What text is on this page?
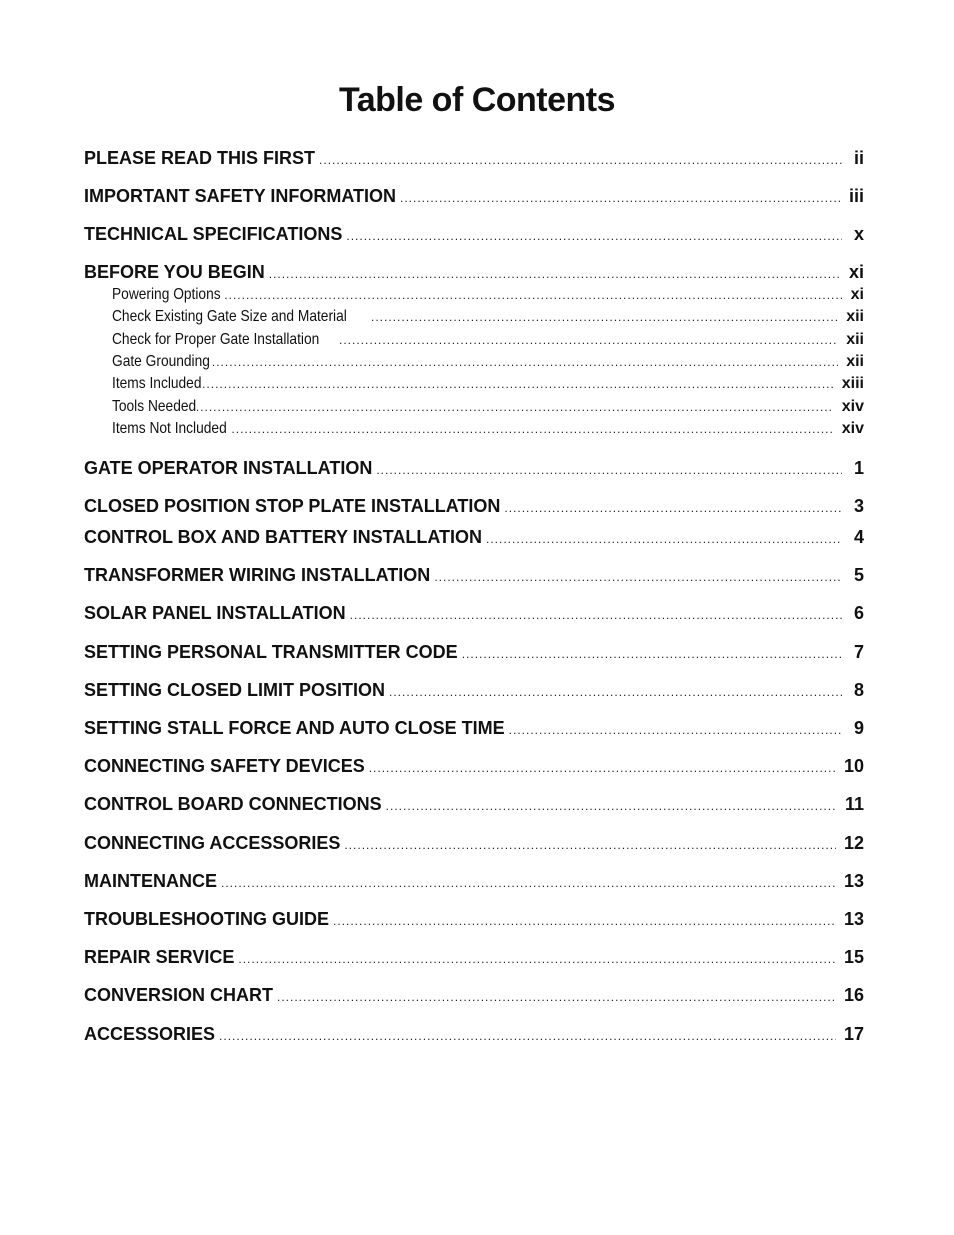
Table of Contents
PLEASE READ THIS FIRST .....	ii
IMPORTANT SAFETY INFORMATION .....	iii
TECHNICAL SPECIFICATIONS .....	x
BEFORE YOU BEGIN .....	xi
Powering Options .....	xi
Check Existing Gate Size and Material .....	xii
Check for Proper Gate Installation .....	xii
Gate Grounding .....	xii
Items Included .....	xiii
Tools Needed .....	xiv
Items Not Included .....	xiv
GATE OPERATOR INSTALLATION .....	1
CLOSED POSITION STOP PLATE INSTALLATION .....	3
CONTROL BOX AND BATTERY INSTALLATION .....	4
TRANSFORMER WIRING INSTALLATION .....	5
SOLAR PANEL INSTALLATION .....	6
SETTING PERSONAL TRANSMITTER CODE .....	7
SETTING CLOSED LIMIT POSITION .....	8
SETTING STALL FORCE AND AUTO CLOSE TIME .....	9
CONNECTING SAFETY DEVICES .....	10
CONTROL BOARD CONNECTIONS .....	11
CONNECTING ACCESSORIES .....	12
MAINTENANCE .....	13
TROUBLESHOOTING GUIDE .....	13
REPAIR SERVICE .....	15
CONVERSION CHART .....	16
ACCESSORIES .....	17
